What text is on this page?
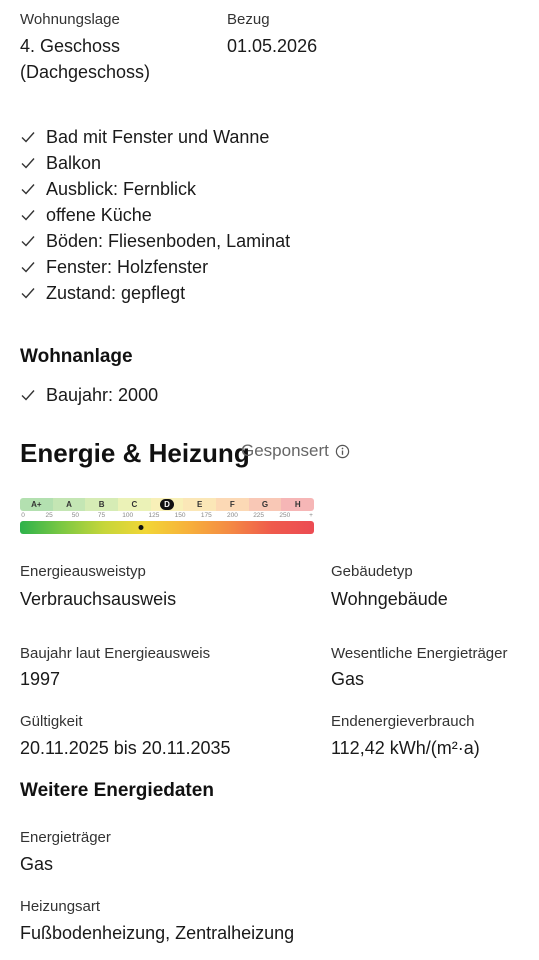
Wohnungslage
4. Geschoss
(Dachgeschoss)
Bezug
01.05.2026
Bad mit Fenster und Wanne
Balkon
Ausblick: Fernblick
offene Küche
Böden: Fliesenboden, Laminat
Fenster: Holzfenster
Zustand: gepflegt
Wohnanlage
Baujahr: 2000
Energie & Heizung
Gesponsert
A+	A	B	C	D	E	F	G	H
0	25	50	75	100 125 150 175 200 225 250	+
Energieausweistyp
Verbrauchsausweis
Gebäudetyp
Wohngebäude
Baujahr laut Energieausweis
1997
Wesentliche Energieträger
Gas
Gültigkeit
20.11.2025 bis 20.11.2035
Endenergieverbrauch
112,42 kWh/(m²·a)
Weitere Energiedaten
Energieträger
Gas
Heizungsart
Fußbodenheizung, Zentralheizung
